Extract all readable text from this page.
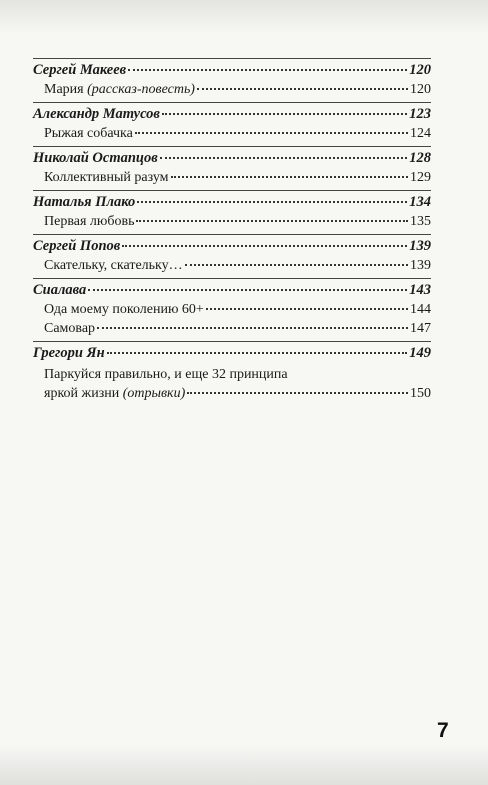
Сергей Макеев	120
Мария (рассказ-повесть)	120
Александр Матусов	123
Рыжая собачка	124
Николай Остапцов	128
Коллективный разум	129
Наталья Плако	134
Первая любовь	135
Сергей Попов	139
Скательку, скательку…	139
Сиалава	143
Ода моему поколению 60+	144
Самовар	147
Грегори Ян	149
Паркуйся правильно, и еще 32 принципа
яркой жизни (отрывки)	150
7
